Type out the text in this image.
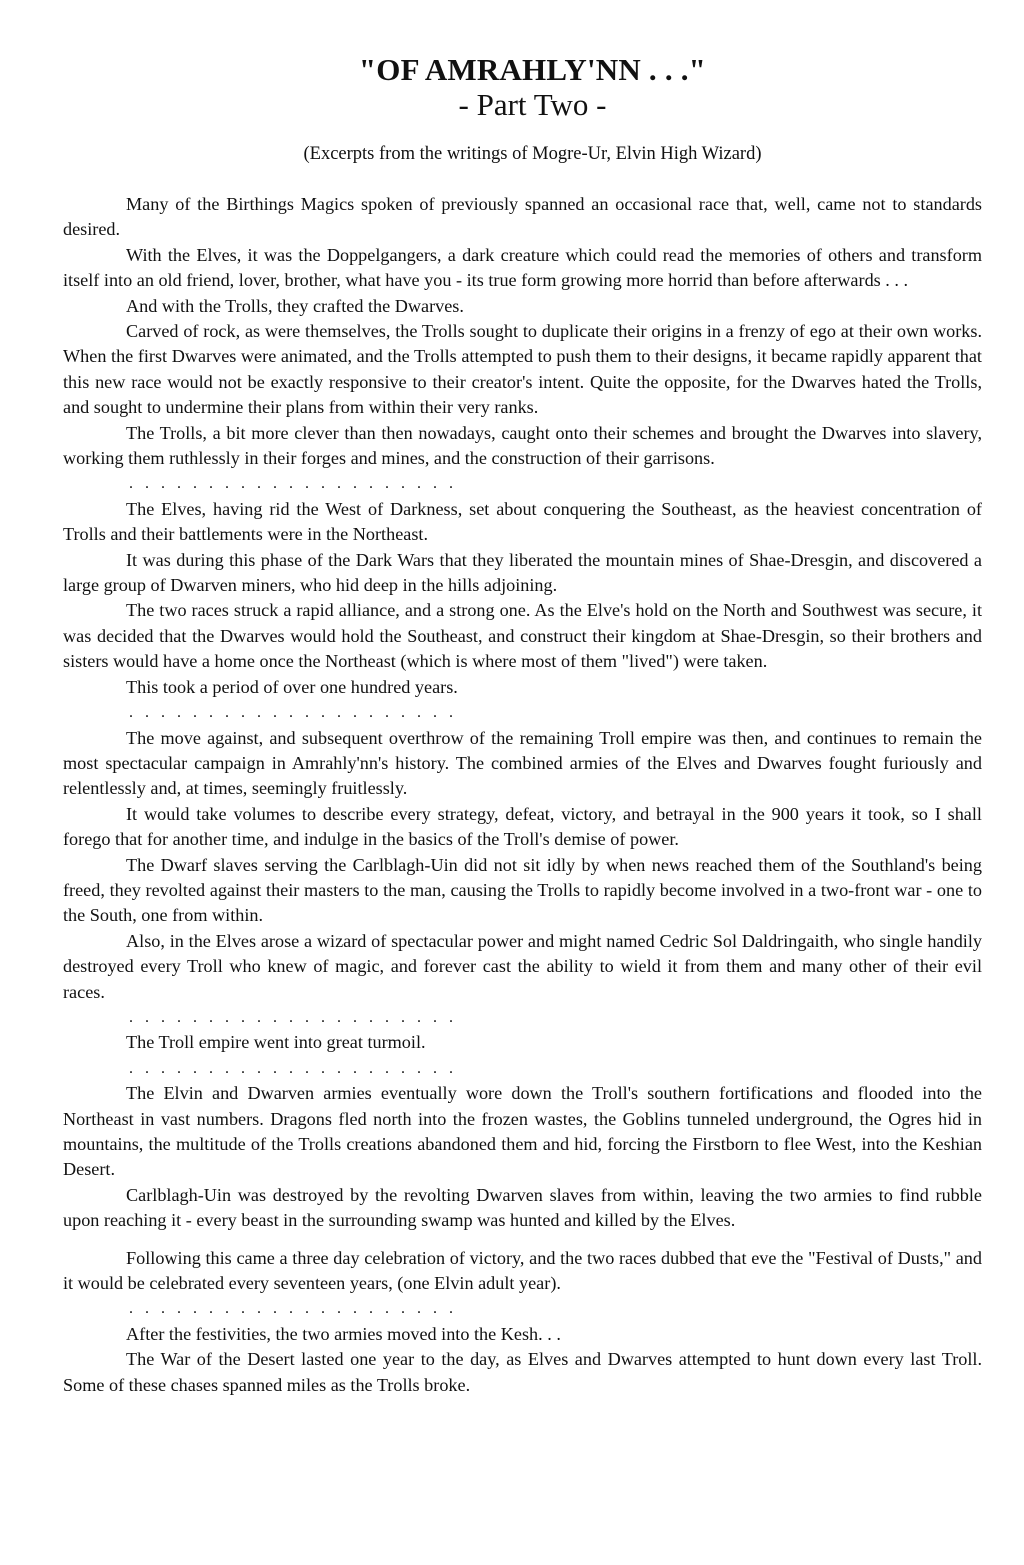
"OF AMRAHLY'NN . . ."
- Part Two -
(Excerpts from the writings of Mogre-Ur, Elvin High Wizard)

Many of the Birthings Magics spoken of previously spanned an occasional race that, well, came not to standards desired.

With the Elves, it was the Doppelgangers, a dark creature which could read the memories of others and transform itself into an old friend, lover, brother, what have you - its true form growing more horrid than before afterwards . . .

And with the Trolls, they crafted the Dwarves.

Carved of rock, as were themselves, the Trolls sought to duplicate their origins in a frenzy of ego at their own works. When the first Dwarves were animated, and the Trolls attempted to push them to their designs, it became rapidly apparent that this new race would not be exactly responsive to their creator's intent. Quite the opposite, for the Dwarves hated the Trolls, and sought to undermine their plans from within their very ranks.

The Trolls, a bit more clever than then nowadays, caught onto their schemes and brought the Dwarves into slavery, working them ruthlessly in their forges and mines, and the construction of their garrisons.

. . . . . . . . . . . . . . . . . . . . .

The Elves, having rid the West of Darkness, set about conquering the Southeast, as the heaviest concentration of Trolls and their battlements were in the Northeast.

It was during this phase of the Dark Wars that they liberated the mountain mines of Shae-Dresgin, and discovered a large group of Dwarven miners, who hid deep in the hills adjoining.

The two races struck a rapid alliance, and a strong one. As the Elve's hold on the North and Southwest was secure, it was decided that the Dwarves would hold the Southeast, and construct their kingdom at Shae-Dresgin, so their brothers and sisters would have a home once the Northeast (which is where most of them "lived") were taken.

This took a period of over one hundred years.

. . . . . . . . . . . . . . . . . . . . .

The move against, and subsequent overthrow of the remaining Troll empire was then, and continues to remain the most spectacular campaign in Amrahly'nn's history. The combined armies of the Elves and Dwarves fought furiously and relentlessly and, at times, seemingly fruitlessly.

It would take volumes to describe every strategy, defeat, victory, and betrayal in the 900 years it took, so I shall forego that for another time, and indulge in the basics of the Troll's demise of power.

The Dwarf slaves serving the Carlblagh-Uin did not sit idly by when news reached them of the Southland's being freed, they revolted against their masters to the man, causing the Trolls to rapidly become involved in a two-front war - one to the South, one from within.

Also, in the Elves arose a wizard of spectacular power and might named Cedric Sol Daldringaith, who single handily destroyed every Troll who knew of magic, and forever cast the ability to wield it from them and many other of their evil races.

. . . . . . . . . . . . . . . . . . . . .

The Troll empire went into great turmoil.

. . . . . . . . . . . . . . . . . . . . .

The Elvin and Dwarven armies eventually wore down the Troll's southern fortifications and flooded into the Northeast in vast numbers. Dragons fled north into the frozen wastes, the Goblins tunneled underground, the Ogres hid in mountains, the multitude of the Trolls creations abandoned them and hid, forcing the Firstborn to flee West, into the Keshian Desert.

Carlblagh-Uin was destroyed by the revolting Dwarven slaves from within, leaving the two armies to find rubble upon reaching it - every beast in the surrounding swamp was hunted and killed by the Elves.

Following this came a three day celebration of victory, and the two races dubbed that eve the "Festival of Dusts," and it would be celebrated every seventeen years, (one Elvin adult year).

. . . . . . . . . . . . . . . . . . . . .

After the festivities, the two armies moved into the Kesh. . .

The War of the Desert lasted one year to the day, as Elves and Dwarves attempted to hunt down every last Troll. Some of these chases spanned miles as the Trolls broke.
